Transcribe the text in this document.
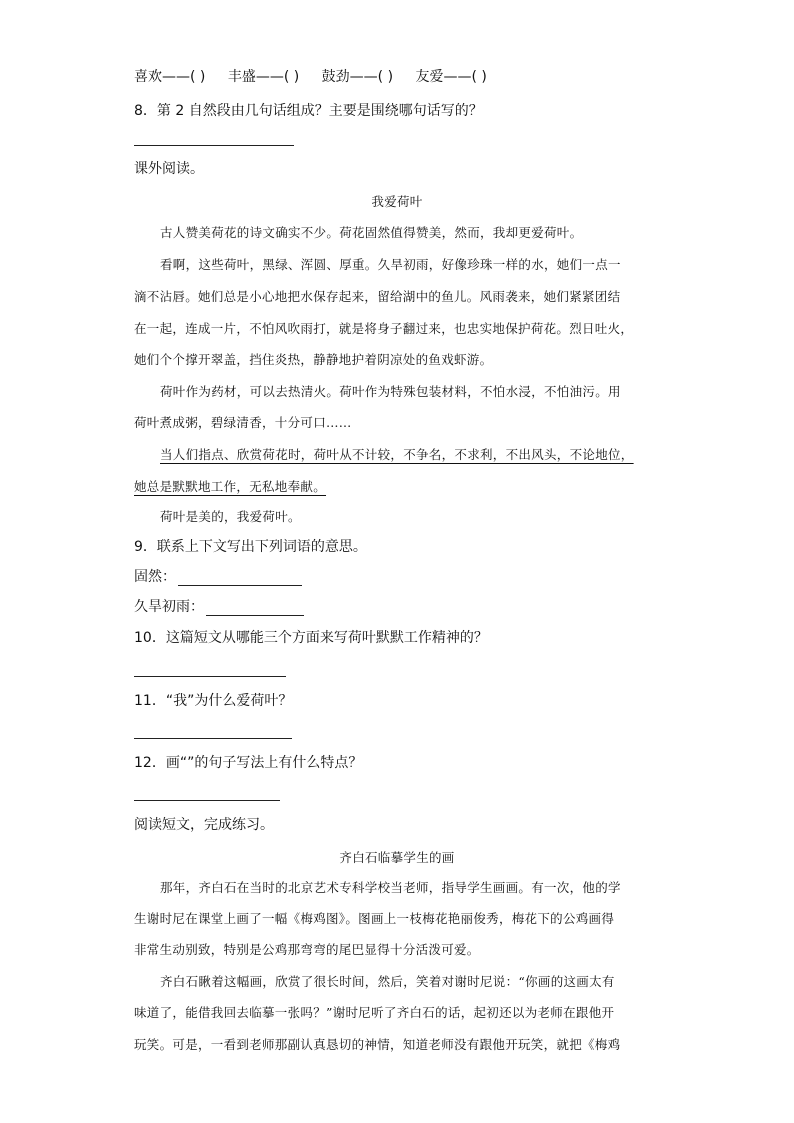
喜欢——( ) 丰盛——( ) 鼓劲——( ) 友爱——( )
8．第 2 自然段由几句话组成？主要是围绕哪句话写的？
课外阅读。
我爱荷叶
古人赞美荷花的诗文确实不少。荷花固然值得赞美，然而，我却更爱荷叶。
看啊，这些荷叶，黑绿、浑圆、厚重。久旱初雨，好像珍珠一样的水，她们一点一
滴不沾唇。她们总是小心地把水保存起来，留给湖中的鱼儿。风雨袭来，她们紧紧团结
在一起，连成一片，不怕风吹雨打，就是将身子翻过来，也忠实地保护荷花。烈日吐火，
她们个个撑开翠盖，挡住炎热，静静地护着阴凉处的鱼戏虾游。
荷叶作为药材，可以去热清火。荷叶作为特殊包装材料，不怕水浸，不怕油污。用
荷叶煮成粥，碧绿清香，十分可口……
当人们指点、欣赏荷花时，荷叶从不计较，不争名，不求利，不出风头，不论地位，
她总是默默地工作，无私地奉献。
荷叶是美的，我爱荷叶。
9．联系上下文写出下列词语的意思。
固然：
久旱初雨：
10．这篇短文从哪能三个方面来写荷叶默默工作精神的？
11．“我”为什么爱荷叶？
12．画“”的句子写法上有什么特点？
阅读短文，完成练习。
齐白石临摹学生的画
那年，齐白石在当时的北京艺术专科学校当老师，指导学生画画。有一次，他的学
生谢时尼在课堂上画了一幅《梅鸡图》。图画上一枝梅花艳丽俊秀，梅花下的公鸡画得
非常生动别致，特别是公鸡那弯弯的尾巴显得十分活泼可爱。
齐白石瞅着这幅画，欣赏了很长时间，然后，笑着对谢时尼说：“你画的这画太有
味道了，能借我回去临摹一张吗？”谢时尼听了齐白石的话，起初还以为老师在跟他开
玩笑。可是，一看到老师那副认真恳切的神情，知道老师没有跟他开玩笑，就把《梅鸡
